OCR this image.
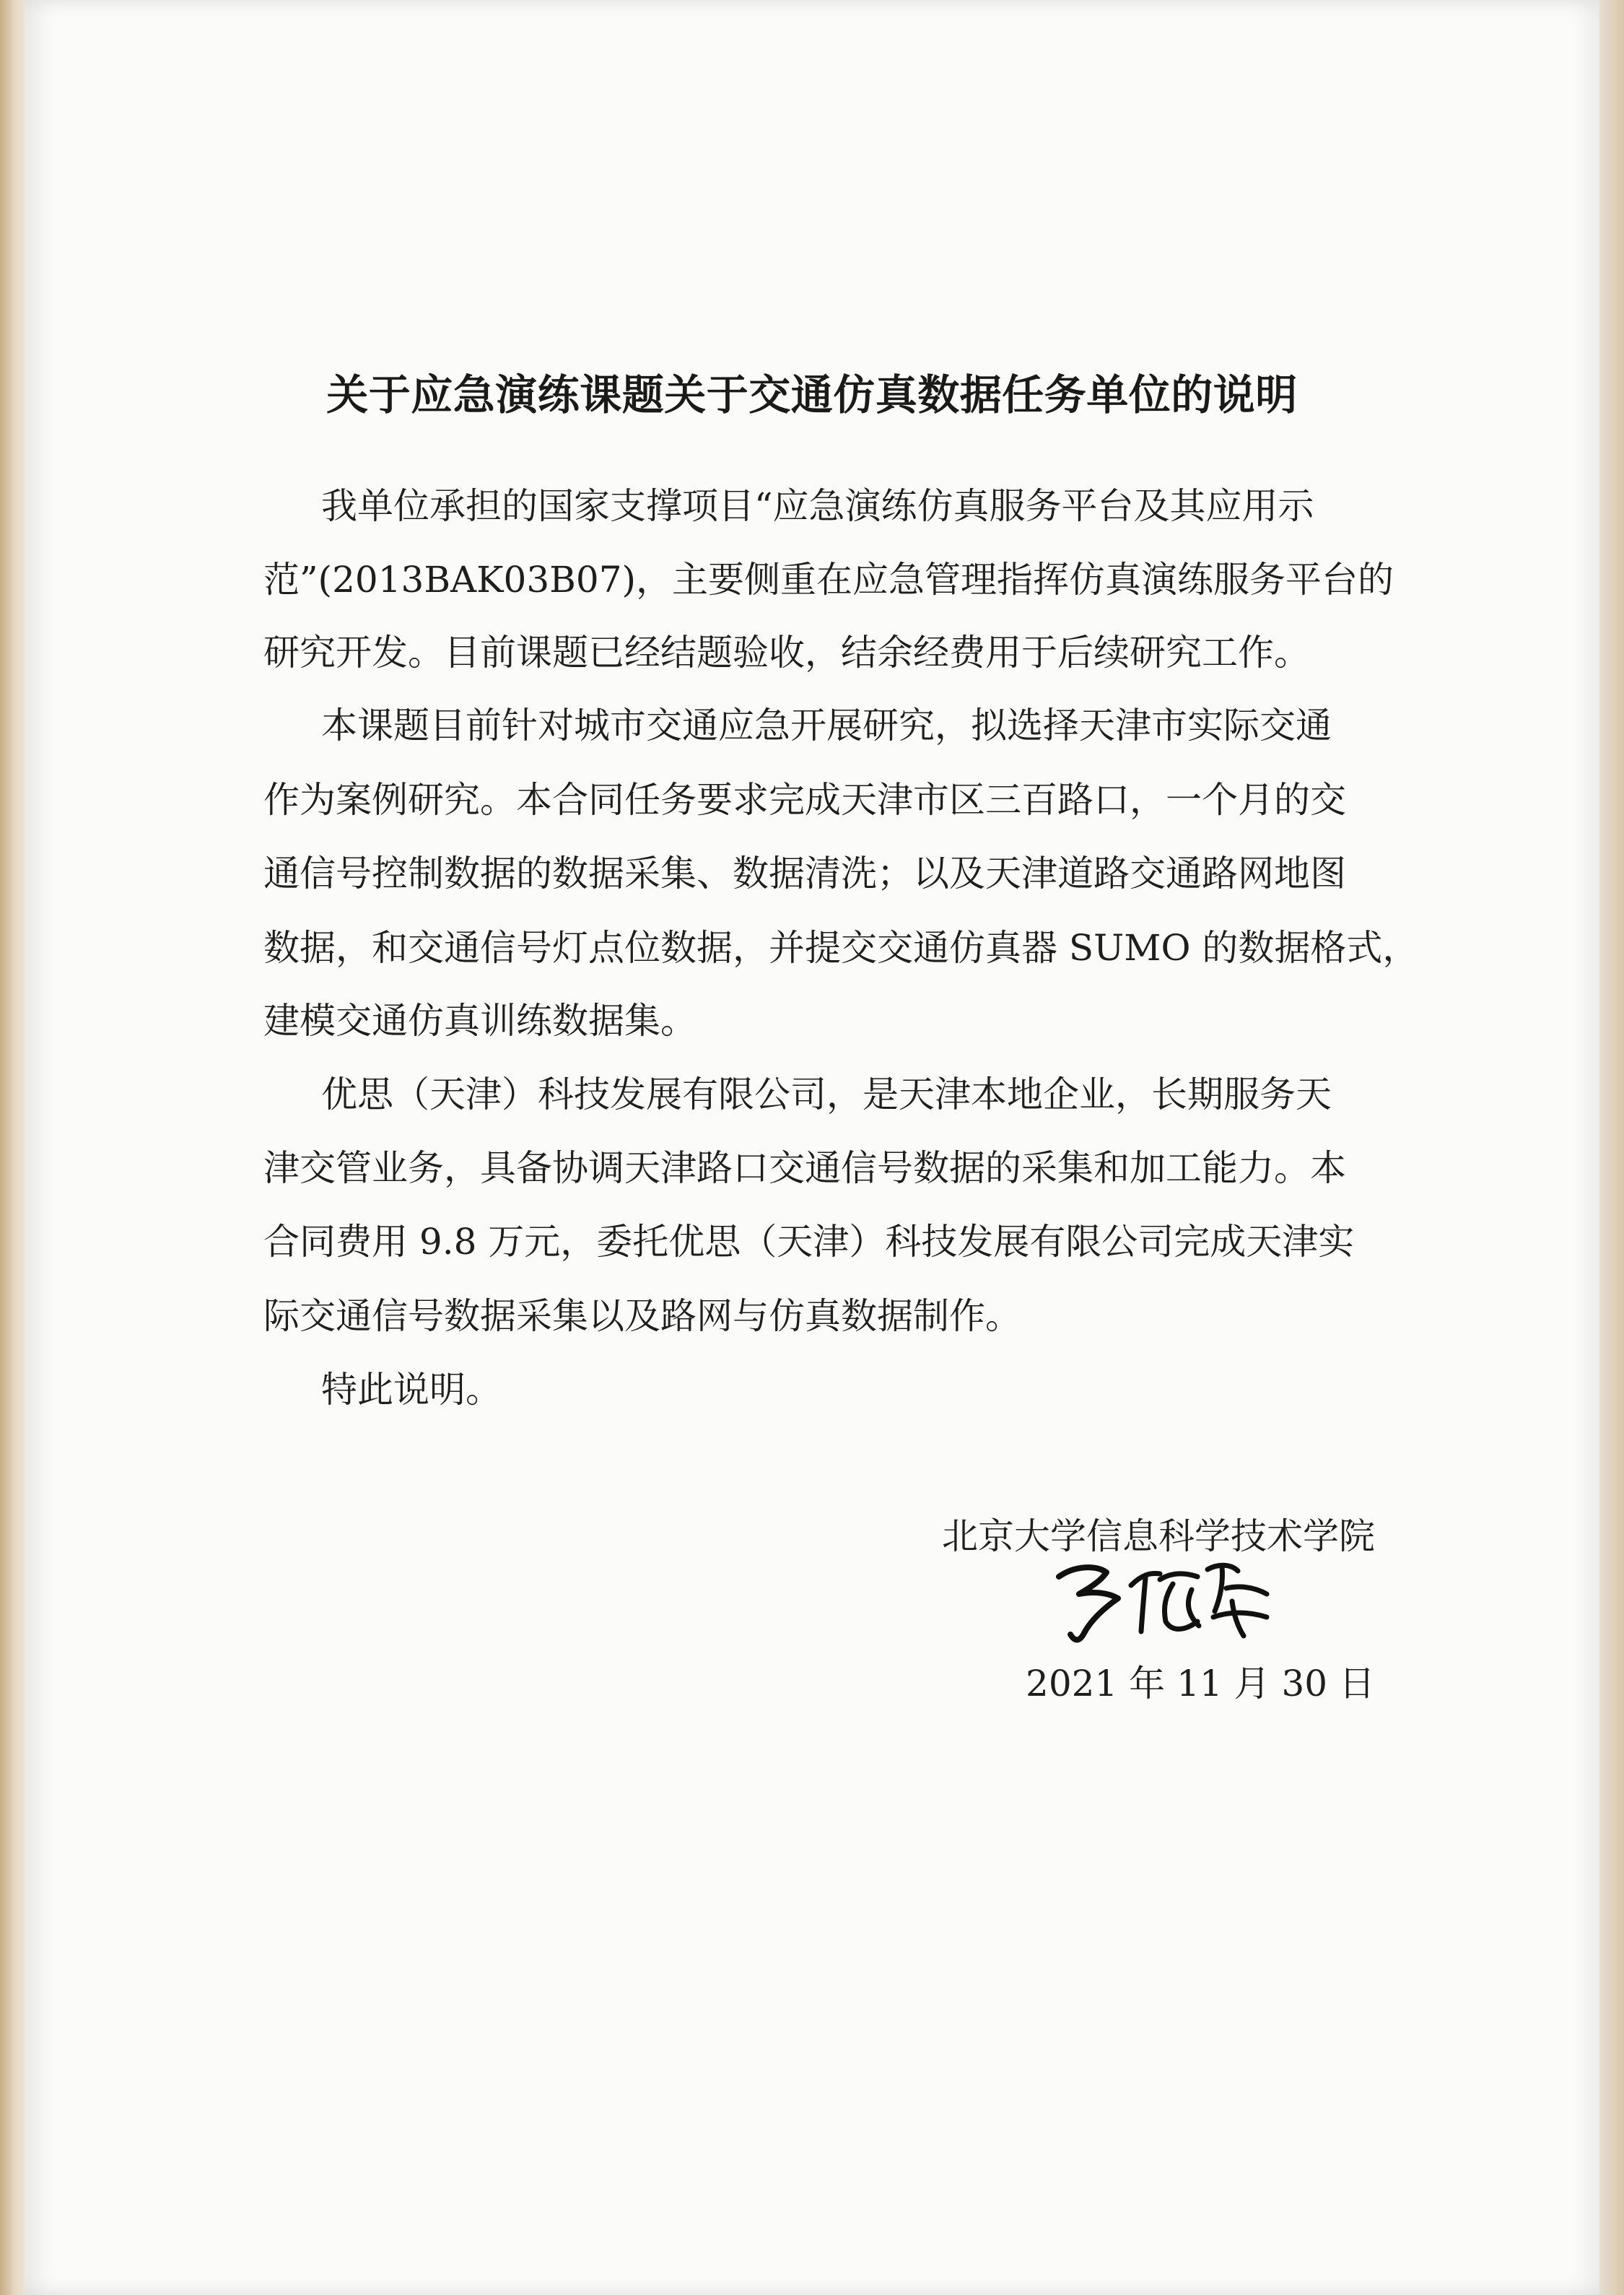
关于应急演练课题关于交通仿真数据任务单位的说明
我单位承担的国家支撑项目“应急演练仿真服务平台及其应用示
范”(2013BAK03B07)，主要侧重在应急管理指挥仿真演练服务平台的
研究开发。目前课题已经结题验收，结余经费用于后续研究工作。
本课题目前针对城市交通应急开展研究，拟选择天津市实际交通
作为案例研究。本合同任务要求完成天津市区三百路口，一个月的交
通信号控制数据的数据采集、数据清洗；以及天津道路交通路网地图
数据，和交通信号灯点位数据，并提交交通仿真器 SUMO 的数据格式，
建模交通仿真训练数据集。
优思（天津）科技发展有限公司，是天津本地企业，长期服务天
津交管业务，具备协调天津路口交通信号数据的采集和加工能力。本
合同费用 9.8 万元，委托优思（天津）科技发展有限公司完成天津实
际交通信号数据采集以及路网与仿真数据制作。
特此说明。
北京大学信息科学技术学院
2021 年 11 月 30 日
